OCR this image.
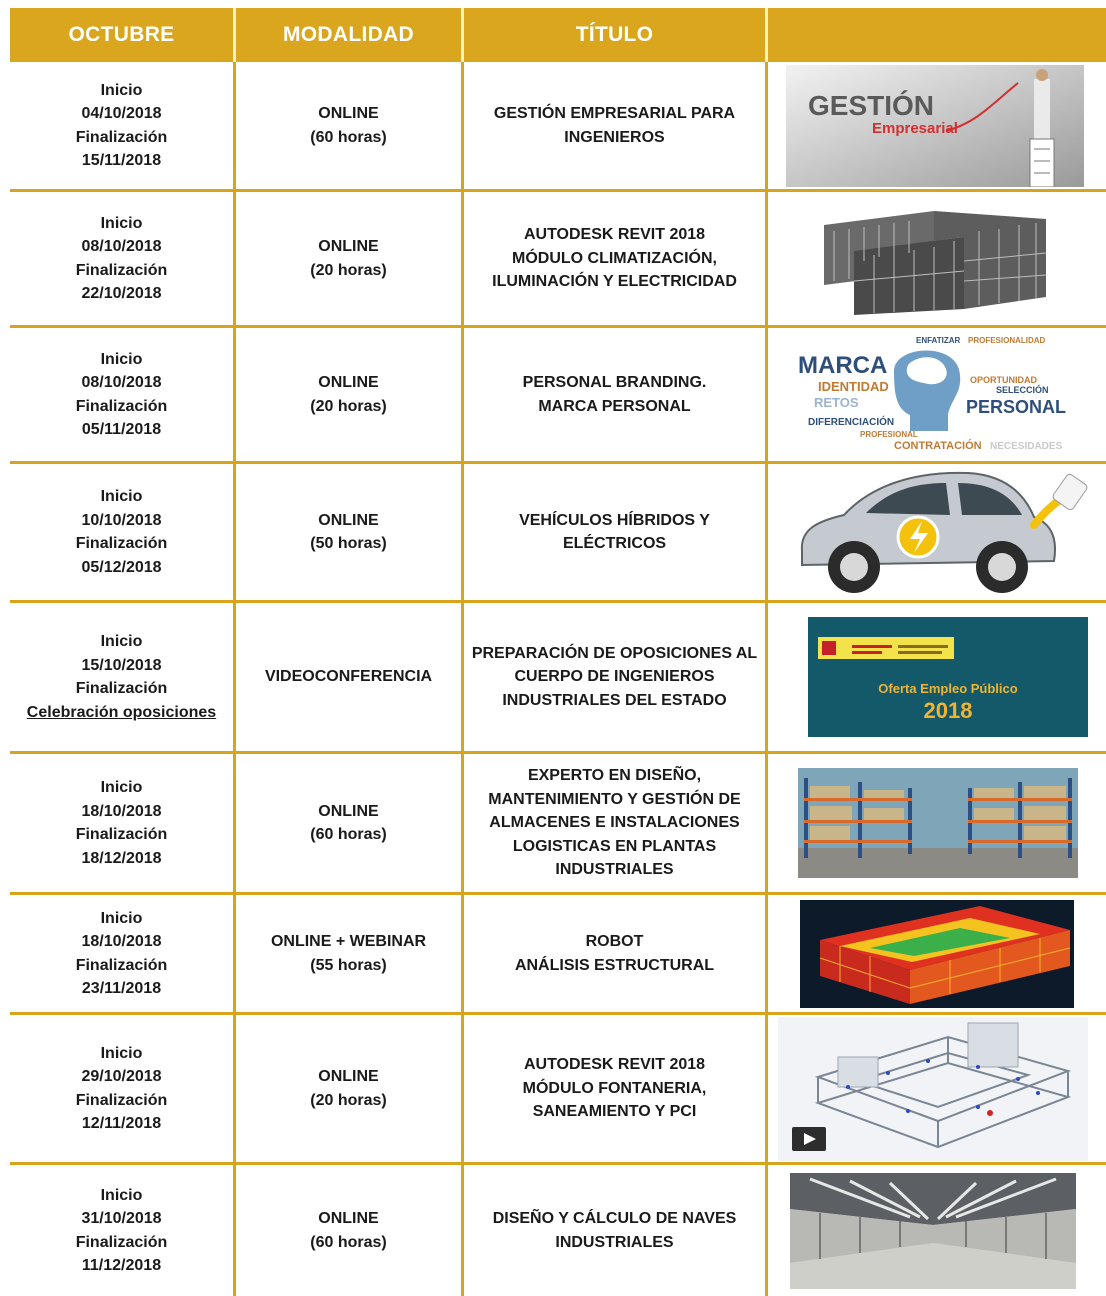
OCTUBRE	MODALIDAD	TÍTULO
Inicio
04/10/2018
Finalización
15/11/2018
ONLINE
(60 horas)
GESTIÓN EMPRESARIAL PARA
INGENIEROS
GESTIÓN
Empresarial
Inicio
08/10/2018
Finalización
22/10/2018
ONLINE
(20 horas)
AUTODESK REVIT 2018
MÓDULO CLIMATIZACIÓN,
ILUMINACIÓN Y ELECTRICIDAD
Inicio
08/10/2018
Finalización
05/11/2018
ONLINE
(20 horas)
PERSONAL BRANDING.
MARCA PERSONAL
MARCA
PERSONAL
IDENTIDAD
RETOS
DIFERENCIACIÓN
CONTRATACIÓN
ENFATIZAR PROFESIONALIDAD
SELECCIÓN
OPORTUNIDAD
PROFESIONAL
NECESIDADES
Inicio
10/10/2018
Finalización
05/12/2018
ONLINE
(50 horas)
VEHÍCULOS HÍBRIDOS Y
ELÉCTRICOS
Inicio
15/10/2018
Finalización
Celebración oposiciones
VIDEOCONFERENCIA
PREPARACIÓN DE OPOSICIONES AL
CUERPO DE INGENIEROS
INDUSTRIALES DEL ESTADO
Oferta Empleo Público
2018
Inicio
18/10/2018
Finalización
18/12/2018
ONLINE
(60 horas)
EXPERTO EN DISEÑO,
MANTENIMIENTO Y GESTIÓN DE
ALMACENES E INSTALACIONES
LOGISTICAS EN PLANTAS
INDUSTRIALES
Inicio
18/10/2018
Finalización
23/11/2018
ONLINE + WEBINAR
(55 horas)
ROBOT
ANÁLISIS ESTRUCTURAL
Inicio
29/10/2018
Finalización
12/11/2018
ONLINE
(20 horas)
AUTODESK REVIT 2018
MÓDULO FONTANERIA,
SANEAMIENTO Y PCI
Inicio
31/10/2018
Finalización
11/12/2018
ONLINE
(60 horas)
DISEÑO Y CÁLCULO DE NAVES
INDUSTRIALES
